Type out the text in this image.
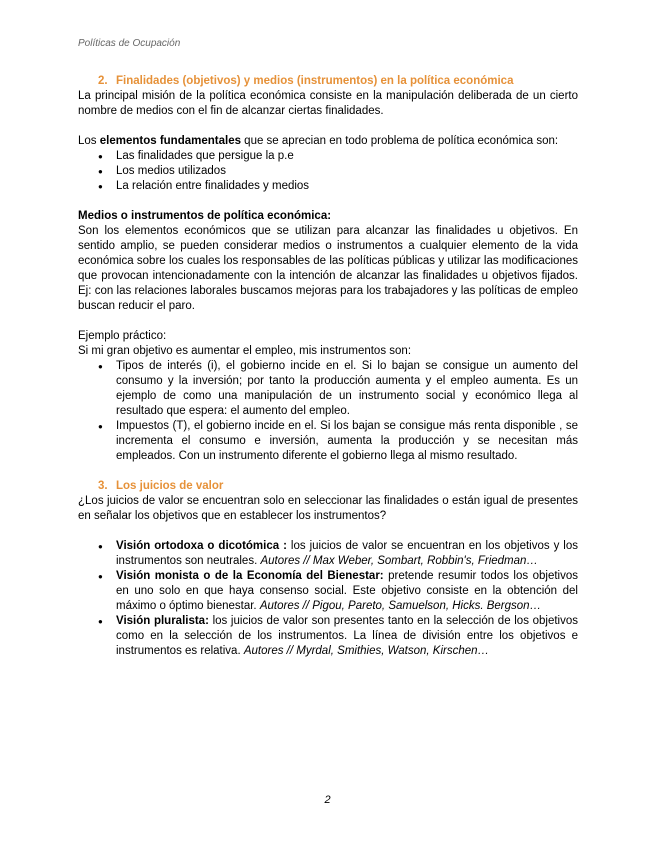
Políticas de Ocupación

2. Finalidades (objetivos) y medios (instrumentos) en la política económica

La principal misión de la política económica consiste en la manipulación deliberada de un cierto nombre de medios con el fin de alcanzar ciertas finalidades.

Los elementos fundamentales que se aprecian en todo problema de política económica son:

● Las finalidades que persigue la p.e
● Los medios utilizados
● La relación entre finalidades y medios

Medios o instrumentos de política económica:

Son los elementos económicos que se utilizan para alcanzar las finalidades u objetivos. En sentido amplio, se pueden considerar medios o instrumentos a cualquier elemento de la vida económica sobre los cuales los responsables de las políticas públicas y utilizar las modificaciones que provocan intencionadamente con la intención de alcanzar las finalidades u objetivos fijados. Ej: con las relaciones laborales buscamos mejoras para los trabajadores y las políticas de empleo buscan reducir el paro.

Ejemplo práctico:

Si mi gran objetivo es aumentar el empleo, mis instrumentos son:

● Tipos de interés (i), el gobierno incide en el. Si lo bajan se consigue un aumento del consumo y la inversión; por tanto la producción aumenta y el empleo aumenta. Es un ejemplo de como una manipulación de un instrumento social y económico llega al resultado que espera: el aumento del empleo.
● Impuestos (T), el gobierno incide en el. Si los bajan se consigue más renta disponible , se incrementa el consumo e inversión, aumenta la producción y se necesitan más empleados. Con un instrumento diferente el gobierno llega al mismo resultado.

3. Los juicios de valor

¿Los juicios de valor se encuentran solo en seleccionar las finalidades o están igual de presentes en señalar los objetivos que en establecer los instrumentos?

● Visión ortodoxa o dicotómica : los juicios de valor se encuentran en los objetivos y los instrumentos son neutrales. Autores // Max Weber, Sombart, Robbin's, Friedman…
● Visión monista o de la Economía del Bienestar: pretende resumir todos los objetivos en uno solo en que haya consenso social. Este objetivo consiste en la obtención del máximo o óptimo bienestar. Autores // Pigou, Pareto, Samuelson, Hicks. Bergson…
● Visión pluralista: los juicios de valor son presentes tanto en la selección de los objetivos como en la selección de los instrumentos. La línea de división entre los objetivos e instrumentos es relativa. Autores // Myrdal, Smithies, Watson, Kirschen…
2
